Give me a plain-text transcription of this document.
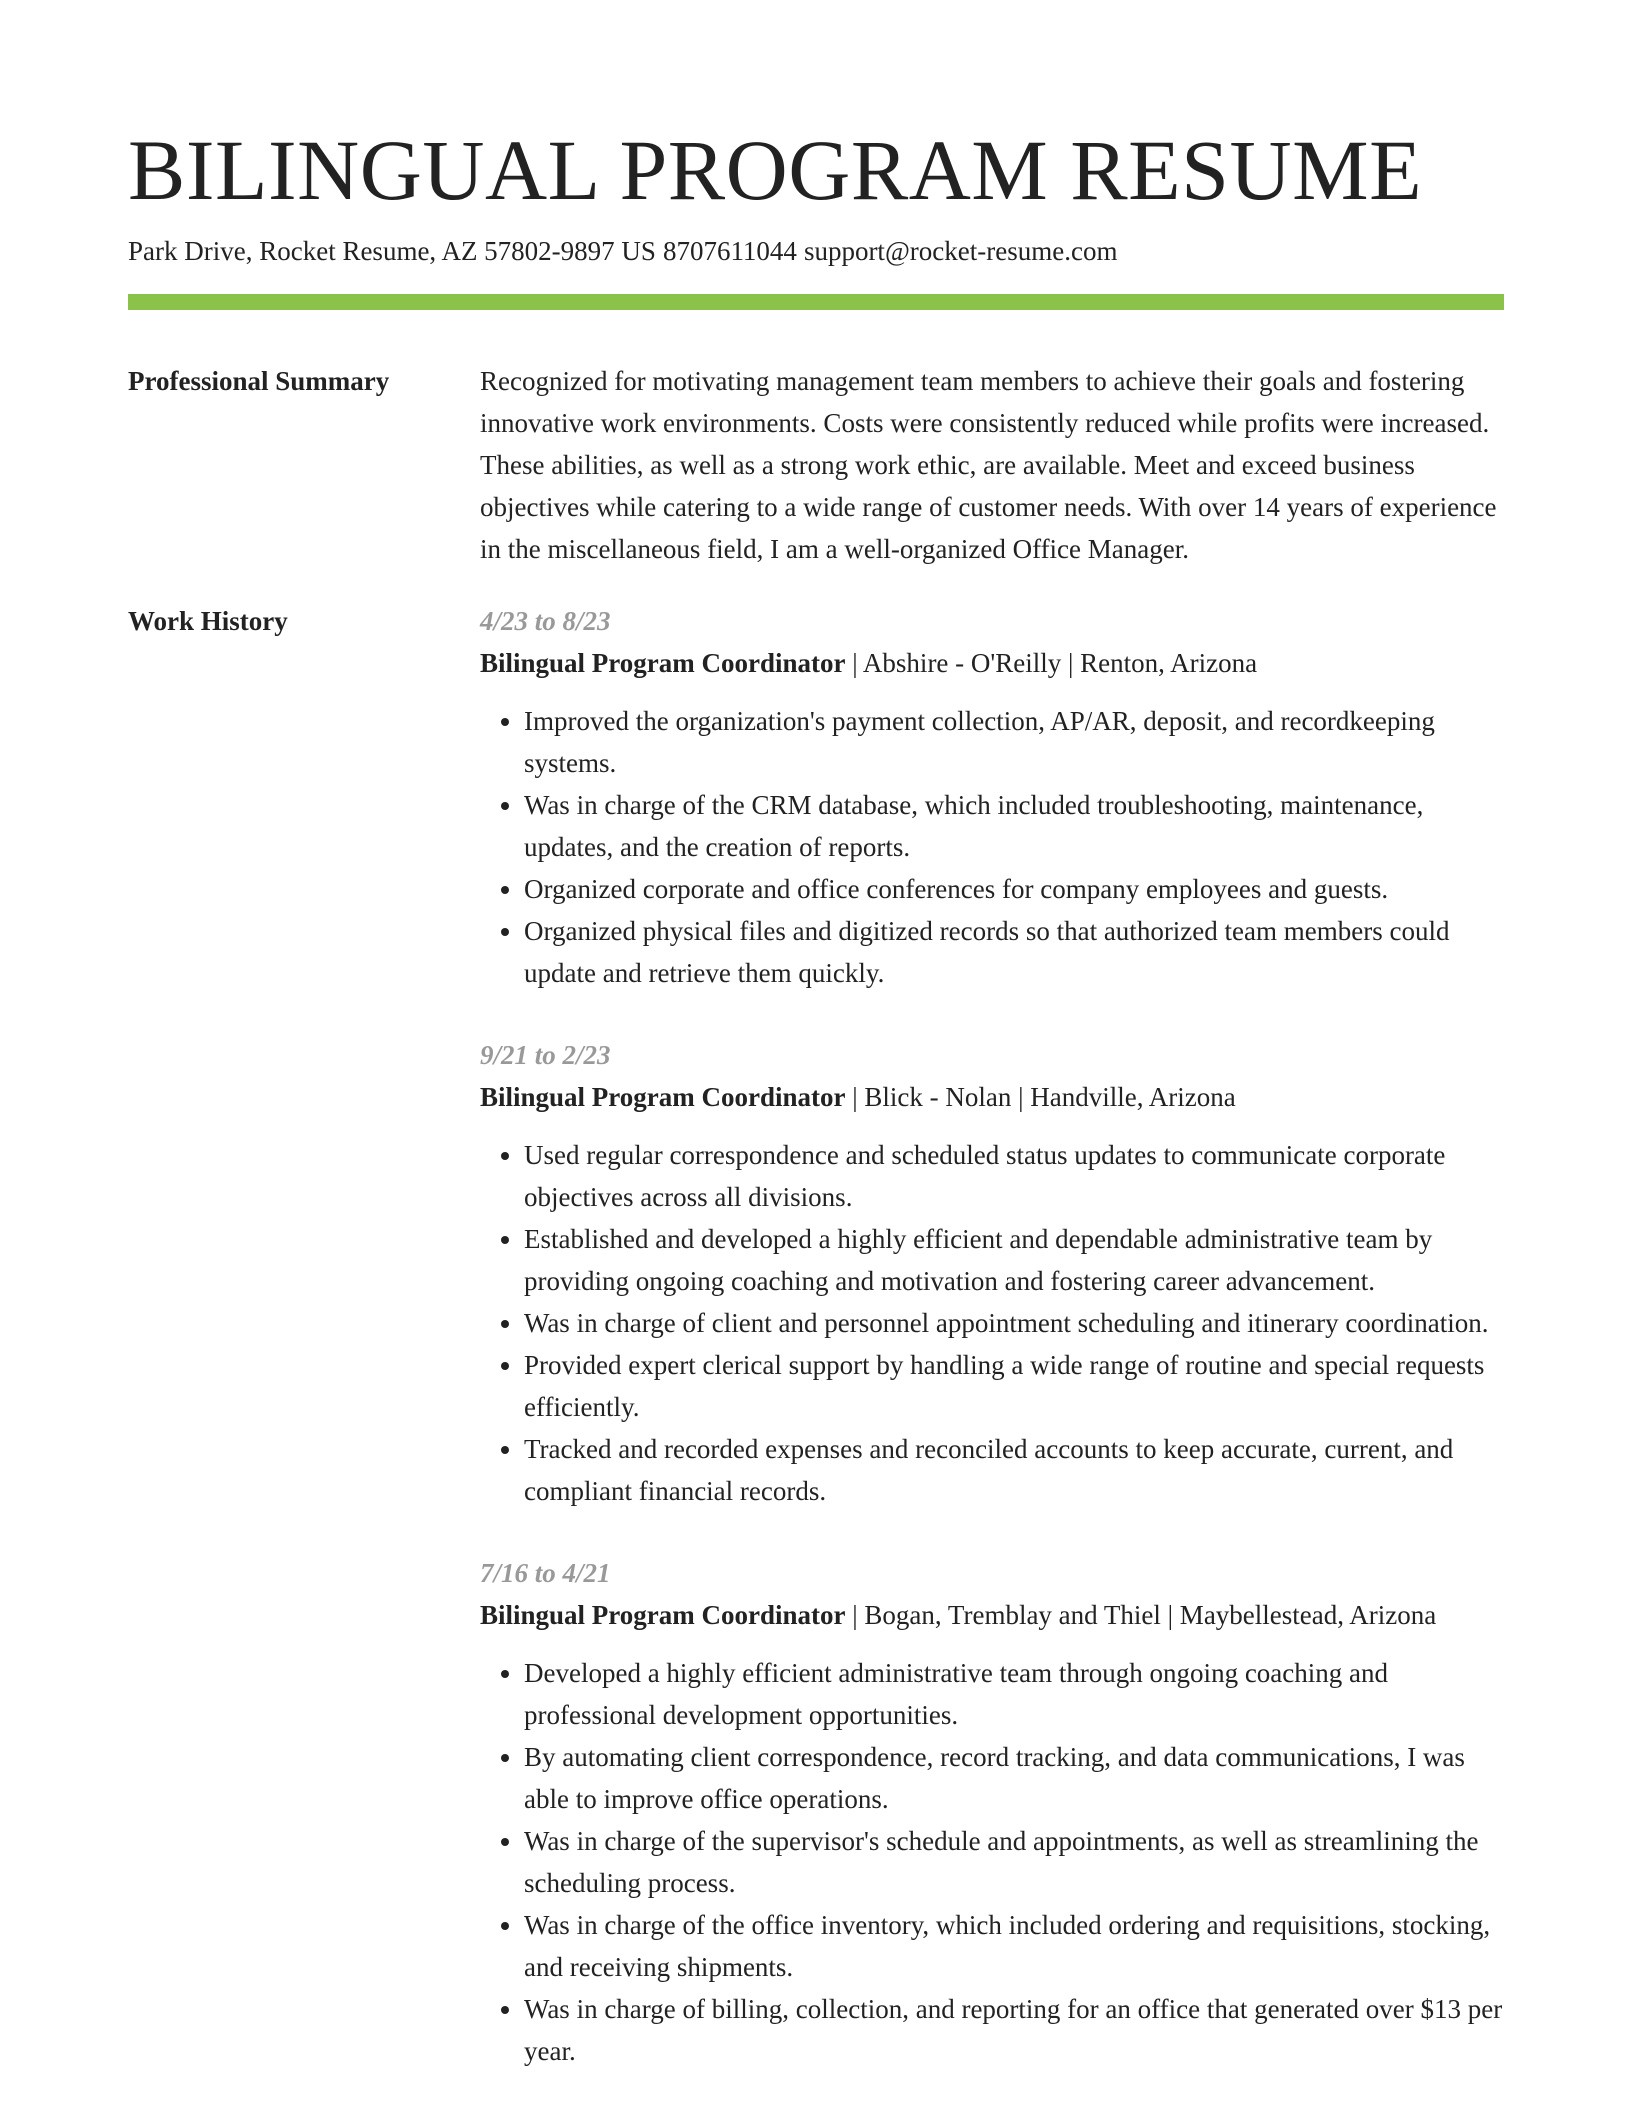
BILINGUAL PROGRAM RESUME
Park Drive, Rocket Resume, AZ 57802-9897 US 8707611044 support@rocket-resume.com
Professional Summary	Recognized for motivating management team members to achieve their goals and fostering innovative work environments. Costs were consistently reduced while profits were increased. These abilities, as well as a strong work ethic, are available. Meet and exceed business objectives while catering to a wide range of customer needs. With over 14 years of experience in the miscellaneous field, I am a well-organized Office Manager.

Work History	4/23 to 8/23
Bilingual Program Coordinator | Abshire - O'Reilly | Renton, Arizona
• Improved the organization's payment collection, AP/AR, deposit, and recordkeeping systems.
• Was in charge of the CRM database, which included troubleshooting, maintenance, updates, and the creation of reports.
• Organized corporate and office conferences for company employees and guests.
• Organized physical files and digitized records so that authorized team members could update and retrieve them quickly.
9/21 to 2/23
Bilingual Program Coordinator | Blick - Nolan | Handville, Arizona
• Used regular correspondence and scheduled status updates to communicate corporate objectives across all divisions.
• Established and developed a highly efficient and dependable administrative team by providing ongoing coaching and motivation and fostering career advancement.
• Was in charge of client and personnel appointment scheduling and itinerary coordination.
• Provided expert clerical support by handling a wide range of routine and special requests efficiently.
• Tracked and recorded expenses and reconciled accounts to keep accurate, current, and compliant financial records.
7/16 to 4/21
Bilingual Program Coordinator | Bogan, Tremblay and Thiel | Maybellestead, Arizona
• Developed a highly efficient administrative team through ongoing coaching and professional development opportunities.
• By automating client correspondence, record tracking, and data communications, I was able to improve office operations.
• Was in charge of the supervisor's schedule and appointments, as well as streamlining the scheduling process.
• Was in charge of the office inventory, which included ordering and requisitions, stocking, and receiving shipments.
• Was in charge of billing, collection, and reporting for an office that generated over $13 per year.
